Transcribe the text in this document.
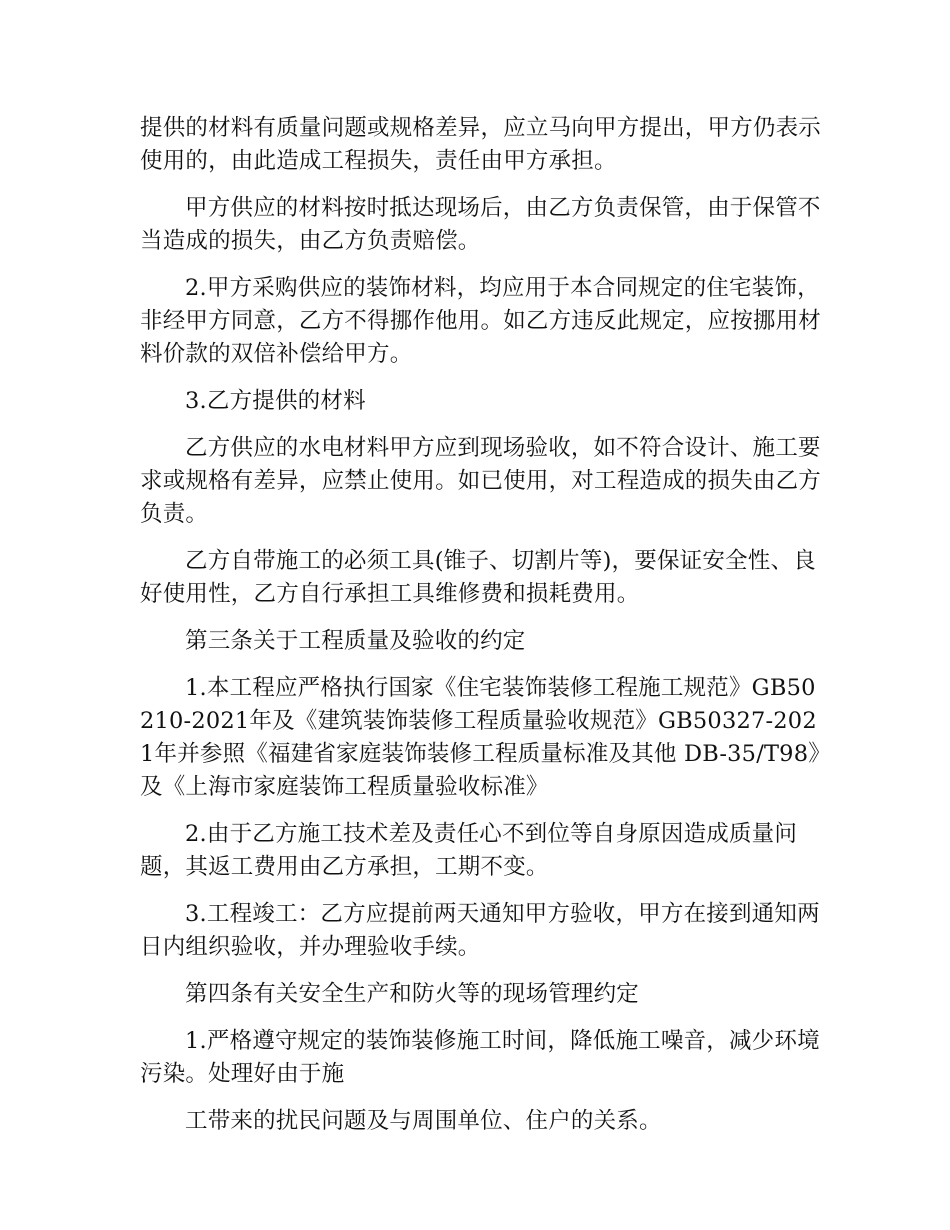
提供的材料有质量问题或规格差异，应立马向甲方提出，甲方仍表示使用的，由此造成工程损失，责任由甲方承担。

甲方供应的材料按时抵达现场后，由乙方负责保管，由于保管不当造成的损失，由乙方负责赔偿。

2.甲方采购供应的装饰材料，均应用于本合同规定的住宅装饰，非经甲方同意，乙方不得挪作他用。如乙方违反此规定，应按挪用材料价款的双倍补偿给甲方。

3.乙方提供的材料

乙方供应的水电材料甲方应到现场验收，如不符合设计、施工要求或规格有差异，应禁止使用。如已使用，对工程造成的损失由乙方负责。

乙方自带施工的必须工具(锥子、切割片等)，要保证安全性、良好使用性，乙方自行承担工具维修费和损耗费用。

第三条关于工程质量及验收的约定

1.本工程应严格执行国家《住宅装饰装修工程施工规范》GB50210-2021年及《建筑装饰装修工程质量验收规范》GB50327-2021年并参照《福建省家庭装饰装修工程质量标准及其他 DB-35/T98》及《上海市家庭装饰工程质量验收标准》

2.由于乙方施工技术差及责任心不到位等自身原因造成质量问题，其返工费用由乙方承担，工期不变。

3.工程竣工：乙方应提前两天通知甲方验收，甲方在接到通知两日内组织验收，并办理验收手续。

第四条有关安全生产和防火等的现场管理约定

1.严格遵守规定的装饰装修施工时间，降低施工噪音，减少环境污染。处理好由于施

工带来的扰民问题及与周围单位、住户的关系。
